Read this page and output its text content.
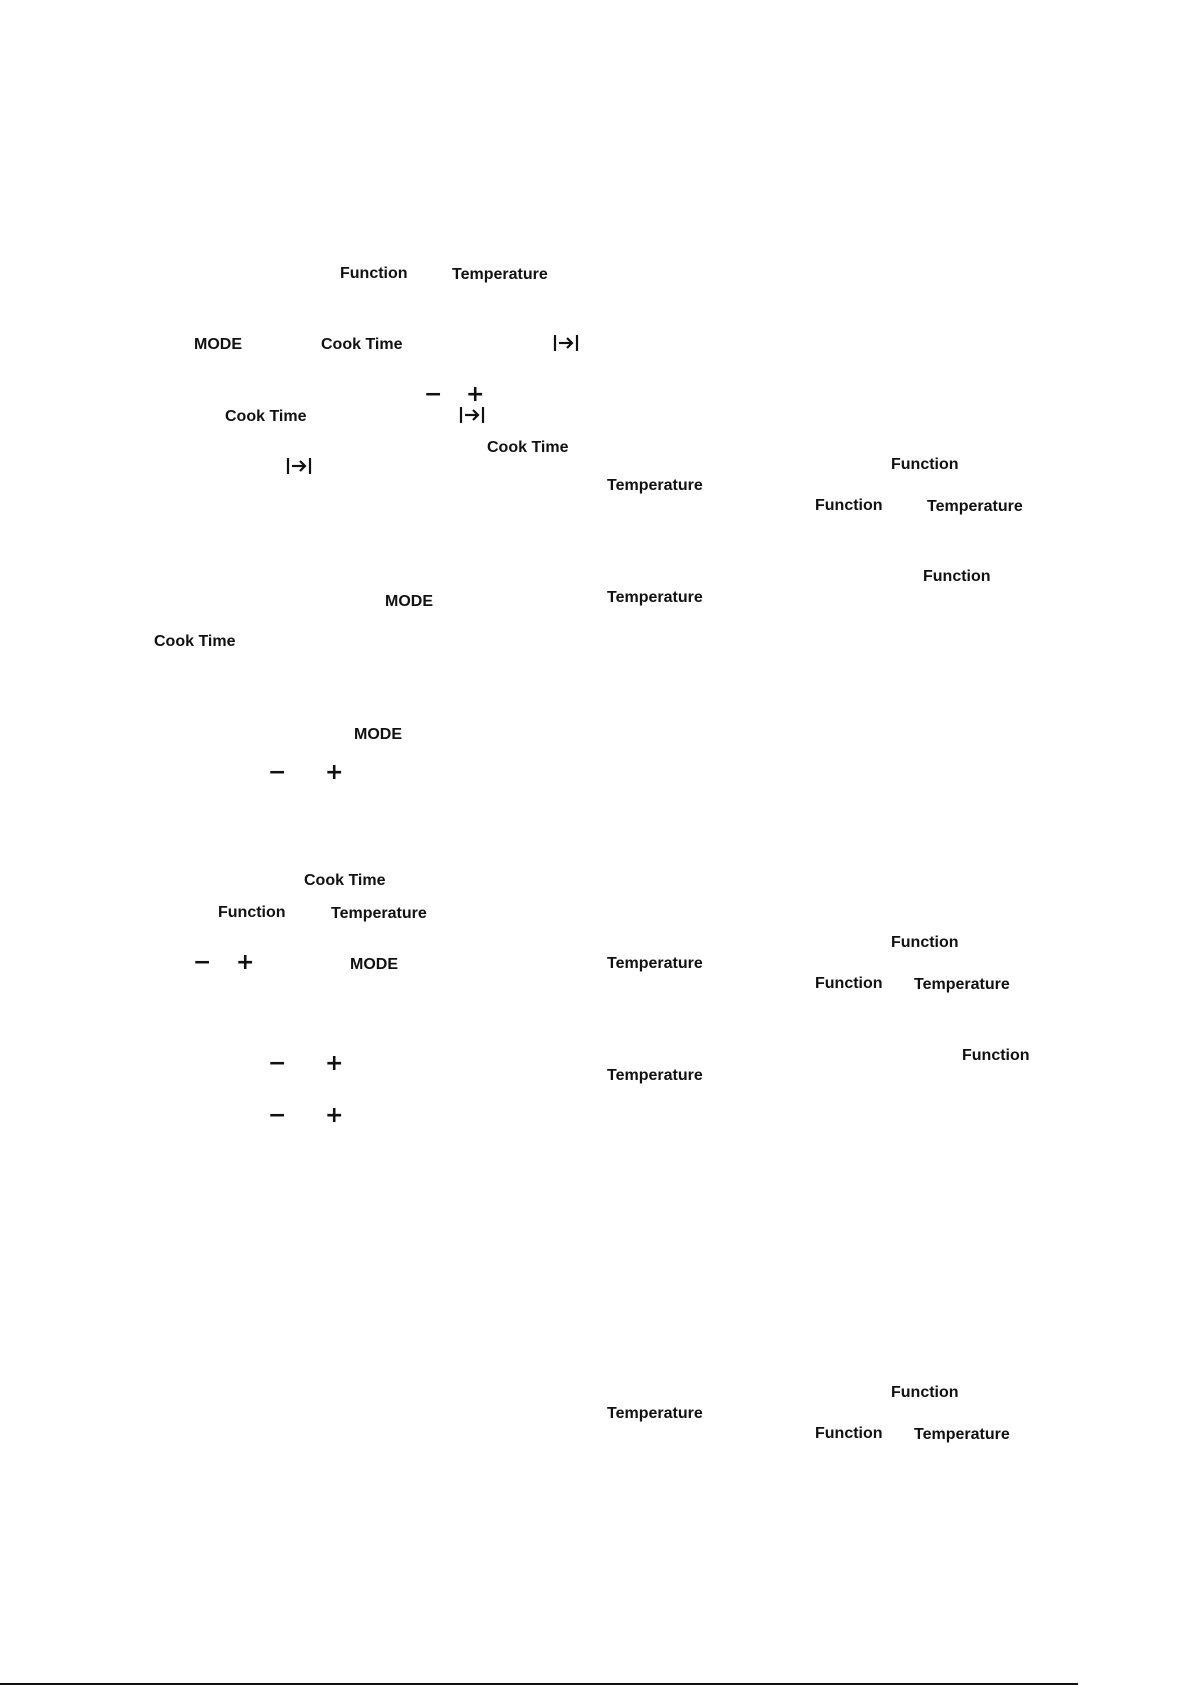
Function	Temperature
MODE	Cook Time
− +
Cook Time
Cook Time
MODE
Cook Time
MODE
− +
Cook Time
Function	Temperature
− +	MODE
− +
− +
Function
Temperature
Function	Temperature
Function
Temperature
Function
Temperature
Function Temperature
Function
Temperature
Function
Temperature
Function Temperature
